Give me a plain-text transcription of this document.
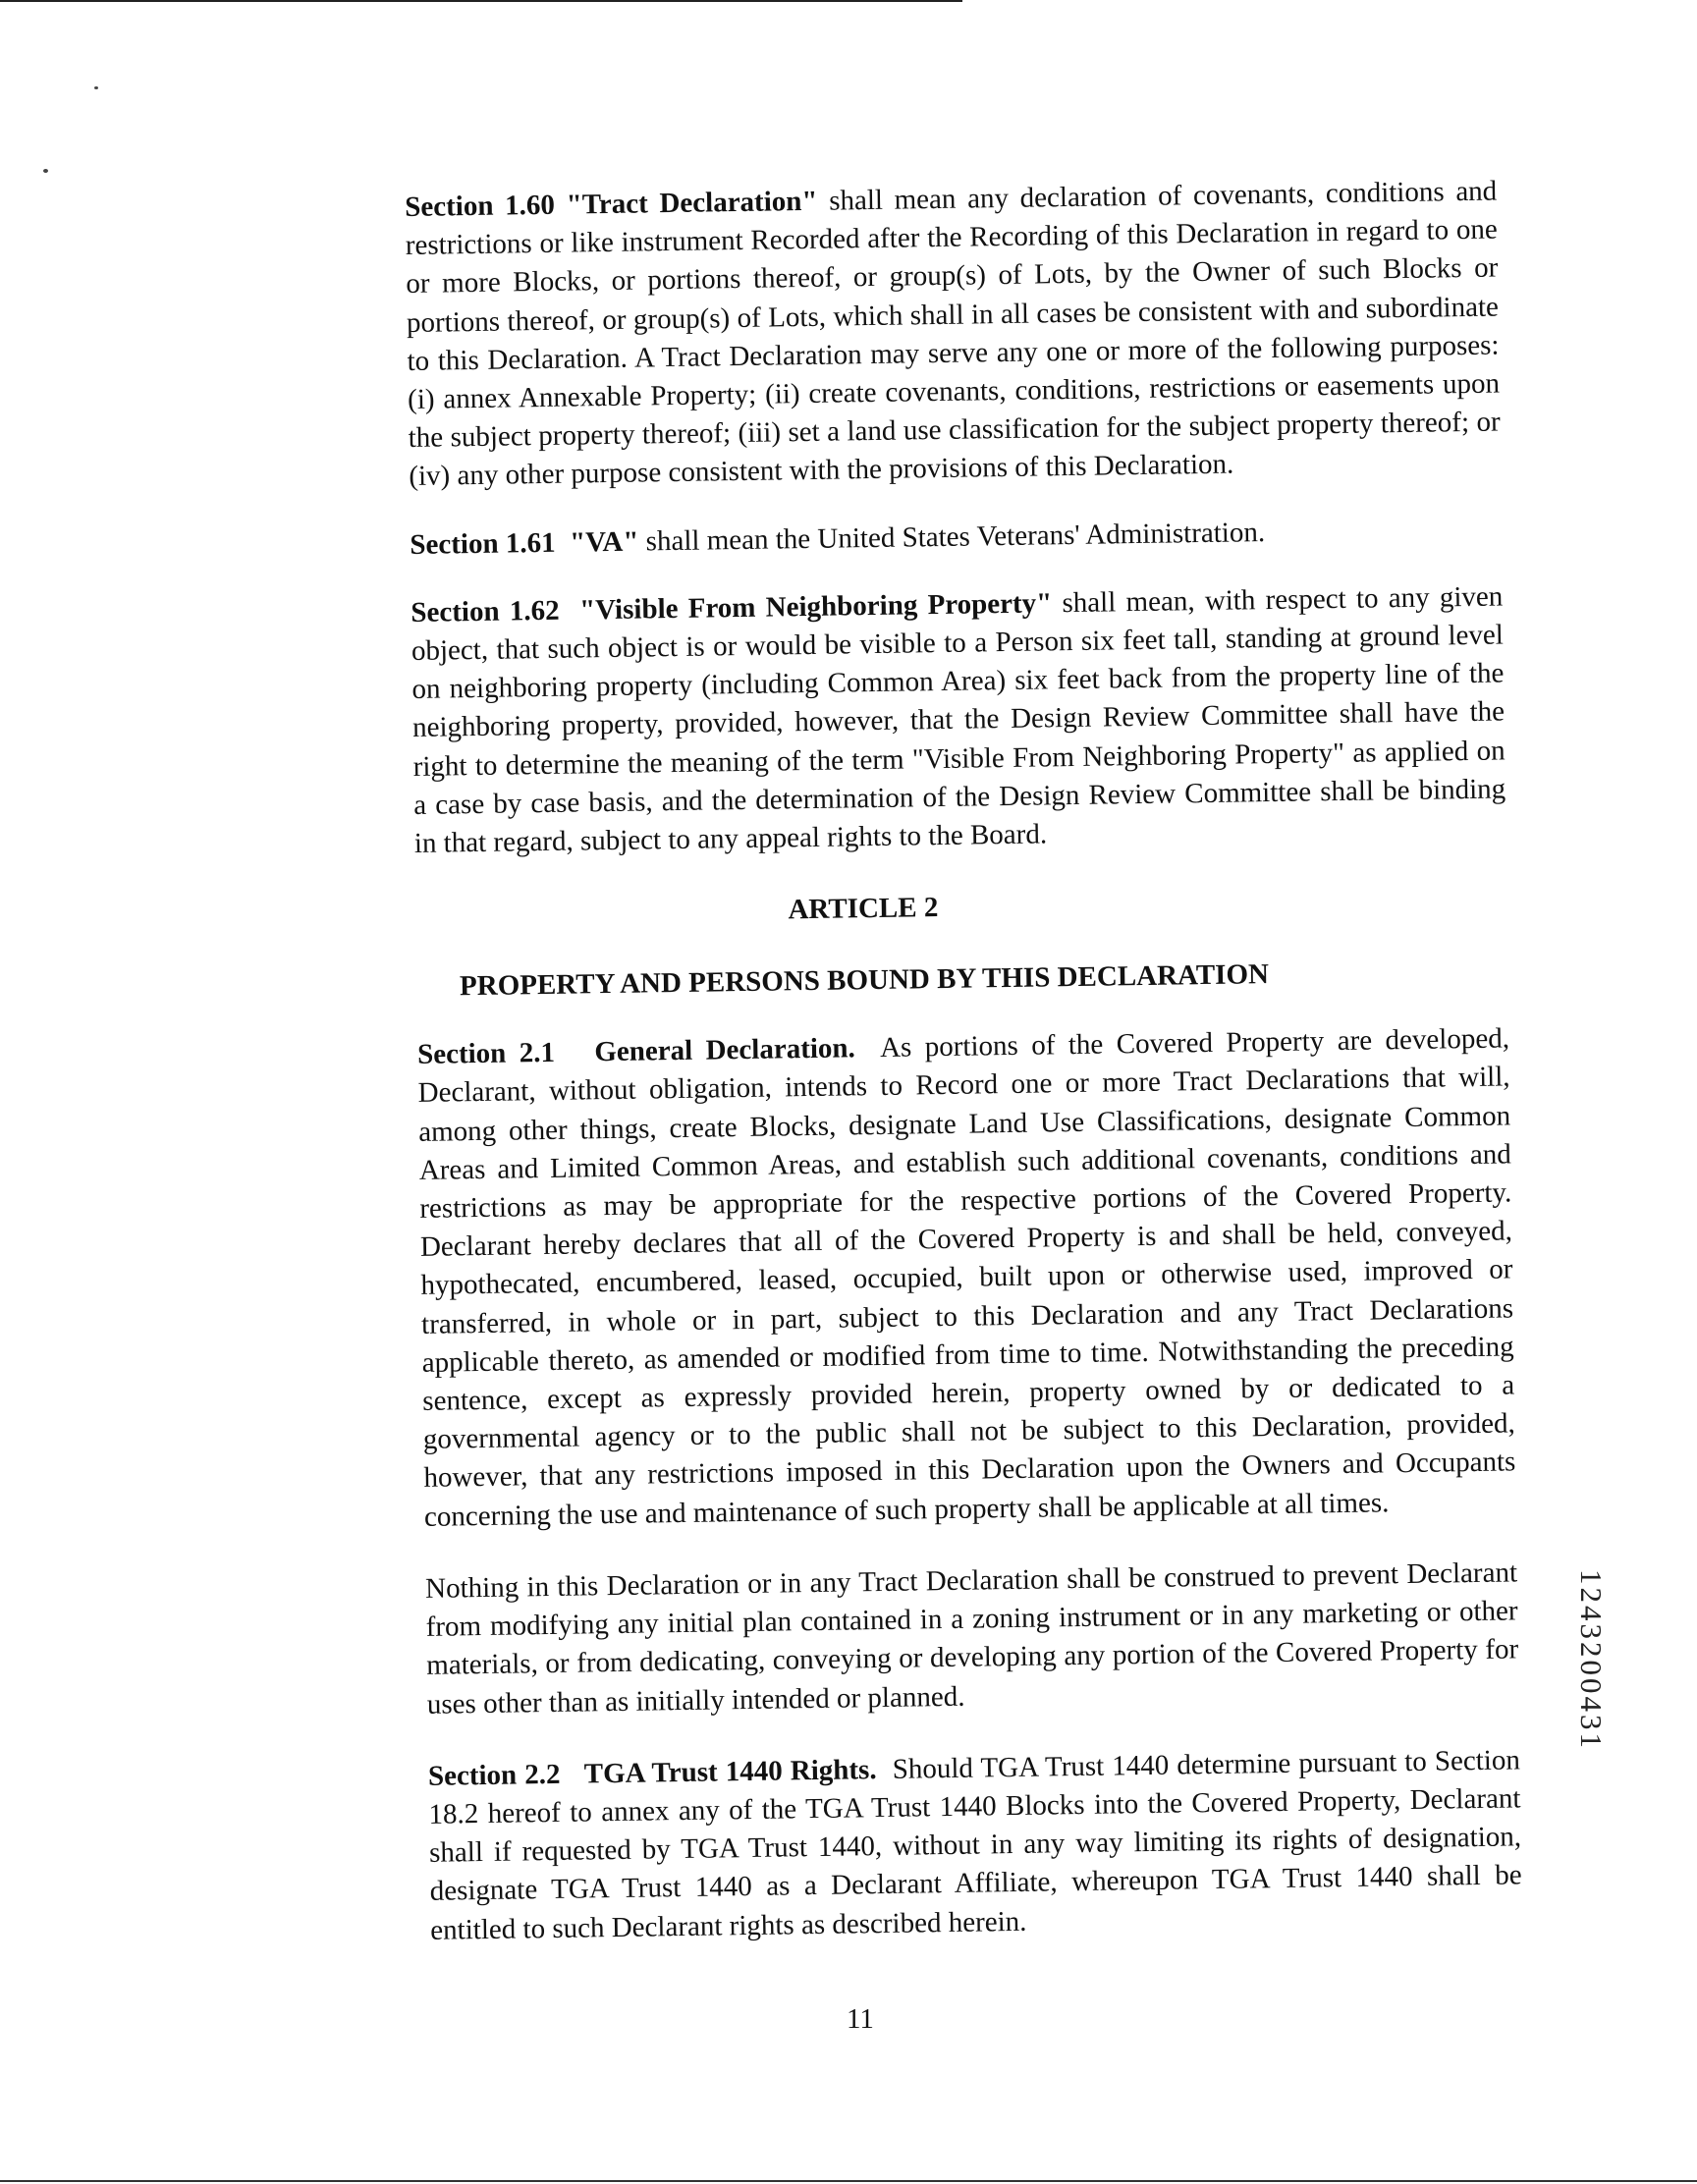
Section 1.60 "Tract Declaration" shall mean any declaration of covenants, conditions and restrictions or like instrument Recorded after the Recording of this Declaration in regard to one or more Blocks, or portions thereof, or group(s) of Lots, by the Owner of such Blocks or portions thereof, or group(s) of Lots, which shall in all cases be consistent with and subordinate to this Declaration. A Tract Declaration may serve any one or more of the following purposes: (i) annex Annexable Property; (ii) create covenants, conditions, restrictions or easements upon the subject property thereof; (iii) set a land use classification for the subject property thereof; or (iv) any other purpose consistent with the provisions of this Declaration.

Section 1.61 "VA" shall mean the United States Veterans' Administration.

Section 1.62 "Visible From Neighboring Property" shall mean, with respect to any given object, that such object is or would be visible to a Person six feet tall, standing at ground level on neighboring property (including Common Area) six feet back from the property line of the neighboring property, provided, however, that the Design Review Committee shall have the right to determine the meaning of the term "Visible From Neighboring Property" as applied on a case by case basis, and the determination of the Design Review Committee shall be binding in that regard, subject to any appeal rights to the Board.

ARTICLE 2
PROPERTY AND PERSONS BOUND BY THIS DECLARATION

Section 2.1 General Declaration. As portions of the Covered Property are developed, Declarant, without obligation, intends to Record one or more Tract Declarations that will, among other things, create Blocks, designate Land Use Classifications, designate Common Areas and Limited Common Areas, and establish such additional covenants, conditions and restrictions as may be appropriate for the respective portions of the Covered Property. Declarant hereby declares that all of the Covered Property is and shall be held, conveyed, hypothecated, encumbered, leased, occupied, built upon or otherwise used, improved or transferred, in whole or in part, subject to this Declaration and any Tract Declarations applicable thereto, as amended or modified from time to time. Notwithstanding the preceding sentence, except as expressly provided herein, property owned by or dedicated to a governmental agency or to the public shall not be subject to this Declaration, provided, however, that any restrictions imposed in this Declaration upon the Owners and Occupants concerning the use and maintenance of such property shall be applicable at all times.

Nothing in this Declaration or in any Tract Declaration shall be construed to prevent Declarant from modifying any initial plan contained in a zoning instrument or in any marketing or other materials, or from dedicating, conveying or developing any portion of the Covered Property for uses other than as initially intended or planned.

Section 2.2 TGA Trust 1440 Rights. Should TGA Trust 1440 determine pursuant to Section 18.2 hereof to annex any of the TGA Trust 1440 Blocks into the Covered Property, Declarant shall if requested by TGA Trust 1440, without in any way limiting its rights of designation, designate TGA Trust 1440 as a Declarant Affiliate, whereupon TGA Trust 1440 shall be entitled to such Declarant rights as described herein.

11
1243200431
